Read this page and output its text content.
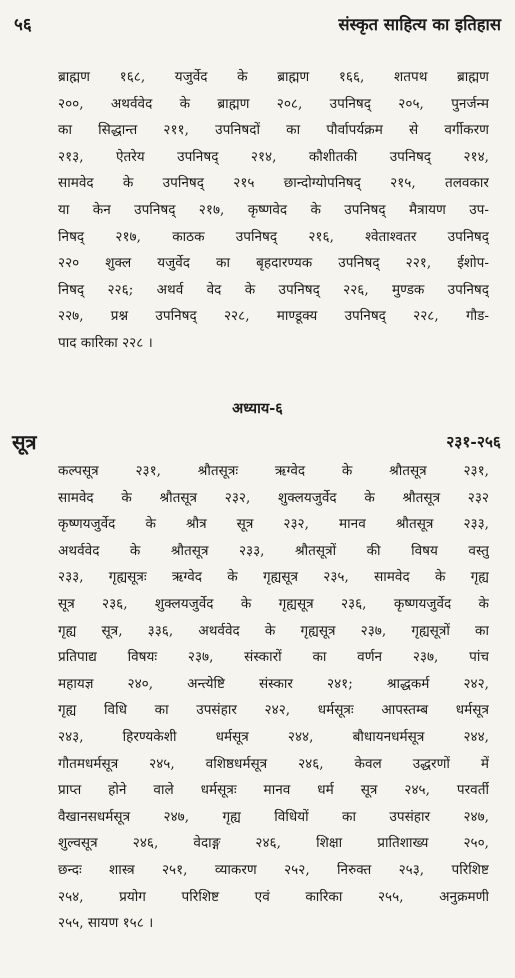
५६	संस्कृत साहित्य का इतिहास
ब्राह्मण १६८, यजुर्वेद के ब्राह्मण १६६, शतपथ ब्राह्मण
२००, अथर्ववेद के ब्राह्मण २०८, उपनिषद् २०५, पुनर्जन्म
का सिद्धान्त २११, उपनिषदों का पौर्वापर्यक्रम से वर्गीकरण
२१३, ऐतरेय उपनिषद् २१४, कौशीतकी उपनिषद् २१४,
सामवेद के उपनिषद् २१५ छान्दोग्योपनिषद् २१५, तलवकार
या केन उपनिषद् २१७, कृष्णवेद के उपनिषद् मैत्रायण उप-
निषद् २१७, काठक उपनिषद् २१६, श्वेताश्वतर उपनिषद्
२२० शुक्ल यजुर्वेद का बृहदारण्यक उपनिषद् २२१, ईशोप-
निषद् २२६; अथर्व वेद के उपनिषद् २२६, मुण्डक उपनिषद्
२२७, प्रश्न उपनिषद् २२८, माण्डूक्य उपनिषद् २२८, गौड-
पाद कारिका २२८ ।
अध्याय-६
सूत्र	२३१-२५६
कल्पसूत्र २३१, श्रौतसूत्रः ऋग्वेद के श्रौतसूत्र २३१,
सामवेद के श्रौतसूत्र २३२, शुक्लयजुर्वेद के श्रौतसूत्र २३२
कृष्णयजुर्वेद के श्रौत्र सूत्र २३२, मानव श्रौतसूत्र २३३,
अथर्ववेद के श्रौतसूत्र २३३, श्रौतसूत्रों की विषय वस्तु
२३३, गृह्यसूत्रः ऋग्वेद के गृह्यसूत्र २३५, सामवेद के गृह्य
सूत्र २३६, शुक्लयजुर्वेद के गृह्यसूत्र २३६, कृष्णयजुर्वेद के
गृह्य सूत्र, ३३६, अथर्ववेद के गृह्यसूत्र २३७, गृह्यसूत्रों का
प्रतिपाद्य विषयः २३७, संस्कारों का वर्णन २३७, पांच
महायज्ञ २४०, अन्त्येष्टि संस्कार २४१; श्राद्धकर्म २४२,
गृह्य विधि का उपसंहार २४२, धर्मसूत्रः आपस्तम्ब धर्मसूत्र
२४३, हिरण्यकेशी धर्मसूत्र २४४, बौधायनधर्मसूत्र २४४,
गौतमधर्मसूत्र २४५, वशिष्ठधर्मसूत्र २४६, केवल उद्धरणों में
प्राप्त होने वाले धर्मसूत्रः मानव धर्म सूत्र २४५, परवर्ती
वैखानसधर्मसूत्र २४७, गृह्य विधियों का उपसंहार २४७,
शुल्वसूत्र २४६, वेदाङ्ग २४६, शिक्षा प्रातिशाख्य २५०,
छन्दः शास्त्र २५१, व्याकरण २५२, निरुक्त २५३, परिशिष्ट
२५४, प्रयोग परिशिष्ट एवं कारिका २५५, अनुक्रमणी
२५५, सायण १५८ ।
